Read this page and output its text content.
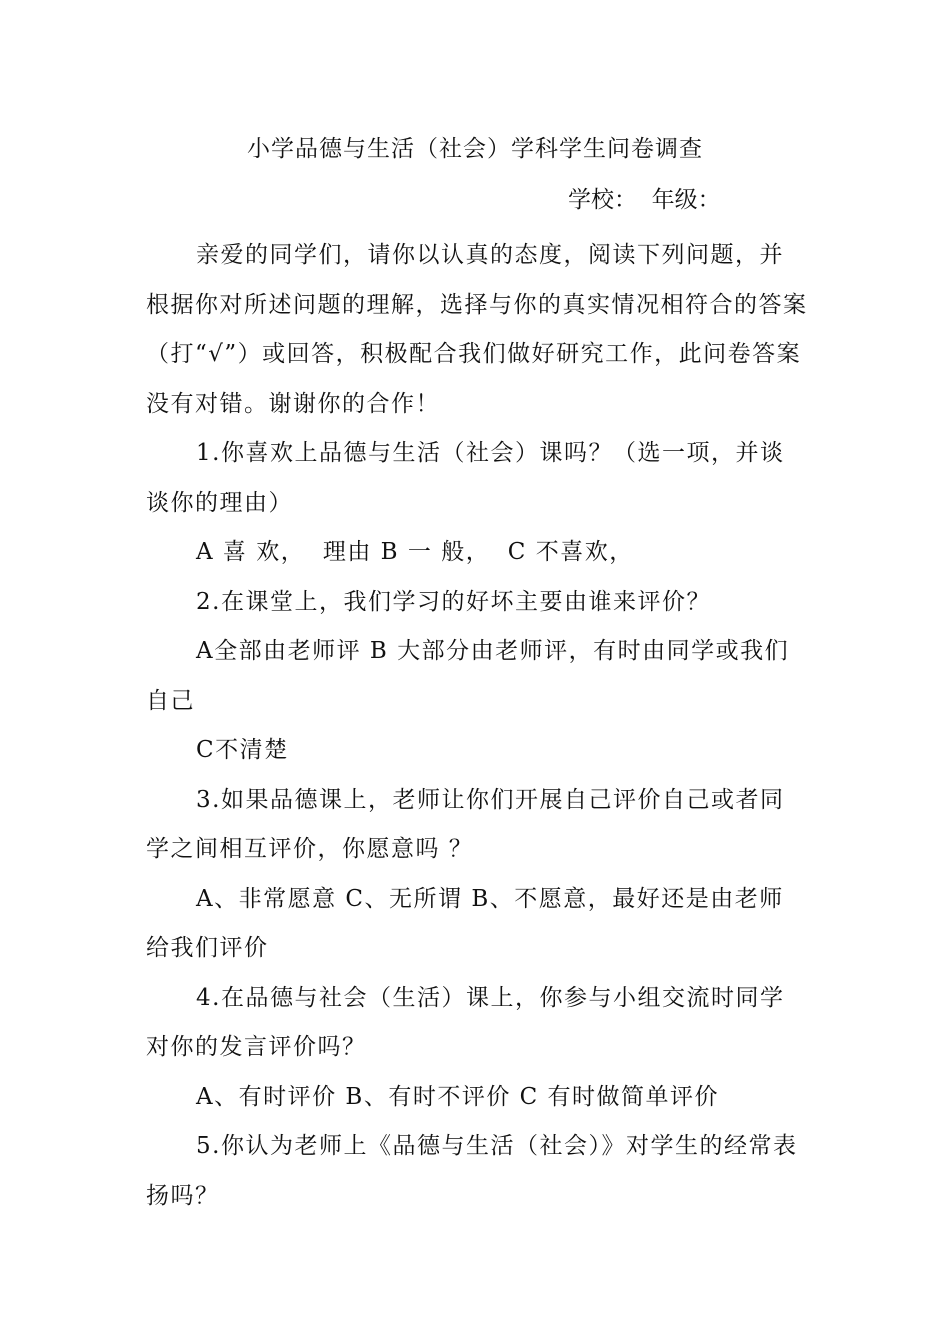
小学品德与生活（社会）学科学生问卷调查
学校：  年级：

亲爱的同学们，请你以认真的态度，阅读下列问题，并根据你对所述问题的理解，选择与你的真实情况相符合的答案（打“√”）或回答，积极配合我们做好研究工作，此问卷答案没有对错。谢谢你的合作！

1.你喜欢上品德与生活（社会）课吗？（选一项，并谈谈你的理由）

A 喜 欢，  理由 B 一 般，  C 不喜欢，

2.在课堂上，我们学习的好坏主要由谁来评价？

A全部由老师评 B 大部分由老师评，有时由同学或我们自己

C不清楚

3.如果品德课上，老师让你们开展自己评价自己或者同学之间相互评价，你愿意吗 ？

A、非常愿意 C、无所谓 B、不愿意，最好还是由老师给我们评价

4.在品德与社会（生活）课上，你参与小组交流时同学对你的发言评价吗？

A、有时评价 B、有时不评价 C 有时做简单评价

5.你认为老师上《品德与生活（社会）》对学生的经常表扬吗？
